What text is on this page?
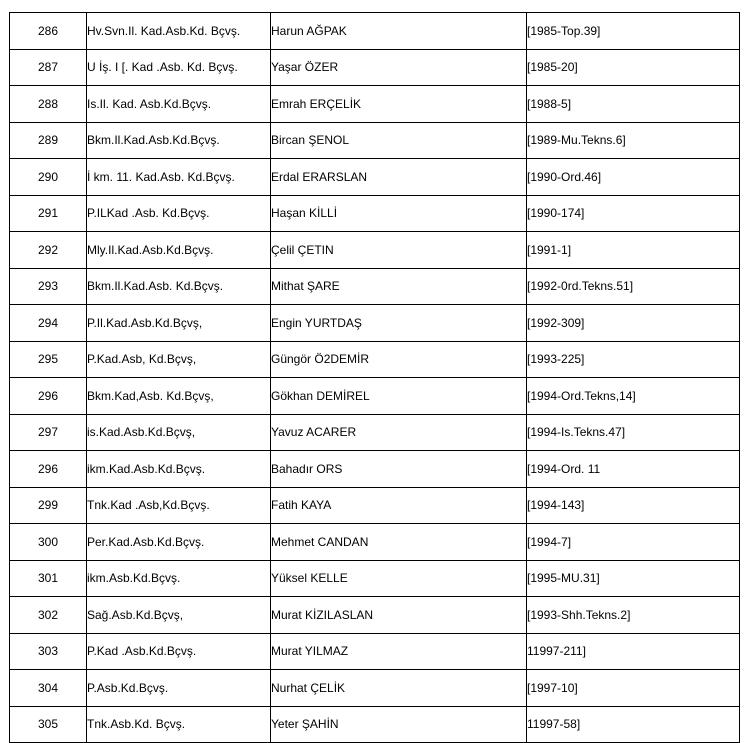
286	Hv.Svn.Il. Kad.Asb.Kd. Bçvş.	Harun AĞPAK	[1985-Top.39]
287	U İş. I [. Kad .Asb. Kd. Bçvş.	Yaşar ÖZER	[1985-20]
288	Is.Il. Kad. Asb.Kd.Bçvş.	Emrah ERÇELİK	[1988-5]
289	Bkm.Il.Kad.Asb.Kd.Bçvş.	Bircan ŞENOL	[1989-Mu.Tekns.6]
290	İ km. 11. Kad.Asb. Kd.Bçvş.	Erdal ERARSLAN	[1990-Ord.46]
291	P.ILKad .Asb. Kd.Bçvş.	Haşan KİLLİ	[1990-174]
292	Mly.Il.Kad.Asb.Kd.Bçvş.	Çelil ÇETIN	[1991-1]
293	Bkm.Il.Kad.Asb. Kd.Bçvş.	Mithat ŞARE	[1992-0rd.Tekns.51]
294	P.Il.Kad.Asb.Kd.Bçvş,	Engin YURTDAŞ	[1992-309]
295	P.Kad.Asb, Kd.Bçvş,	Güngör Ö2DEMİR	[1993-225]
296	Bkm.Kad,Asb. Kd.Bçvş,	Gökhan DEMİREL	[1994-Ord.Tekns,14]
297	is.Kad.Asb.Kd.Bçvş,	Yavuz ACARER	[1994-Is.Tekns.47]
296	ikm.Kad.Asb.Kd.Bçvş.	Bahadır ORS	[1994-Ord. 11
299	Tnk.Kad .Asb,Kd.Bçvş.	Fatih KAYA	[1994-143]
300	Per.Kad.Asb.Kd.Bçvş.	Mehmet CANDAN	[1994-7]
301	ikm.Asb.Kd.Bçvş.	Yüksel KELLE	[1995-MU.31]
302	Sağ.Asb.Kd.Bçvş,	Murat KİZILASLAN	[1993-Shh.Tekns.2]
303	P.Kad .Asb.Kd.Bçvş.	Murat YILMAZ	11997-211]
304	P.Asb.Kd.Bçvş.	Nurhat ÇELİK	[1997-10]
305	Tnk.Asb.Kd. Bçvş.	Yeter ŞAHİN	11997-58]
